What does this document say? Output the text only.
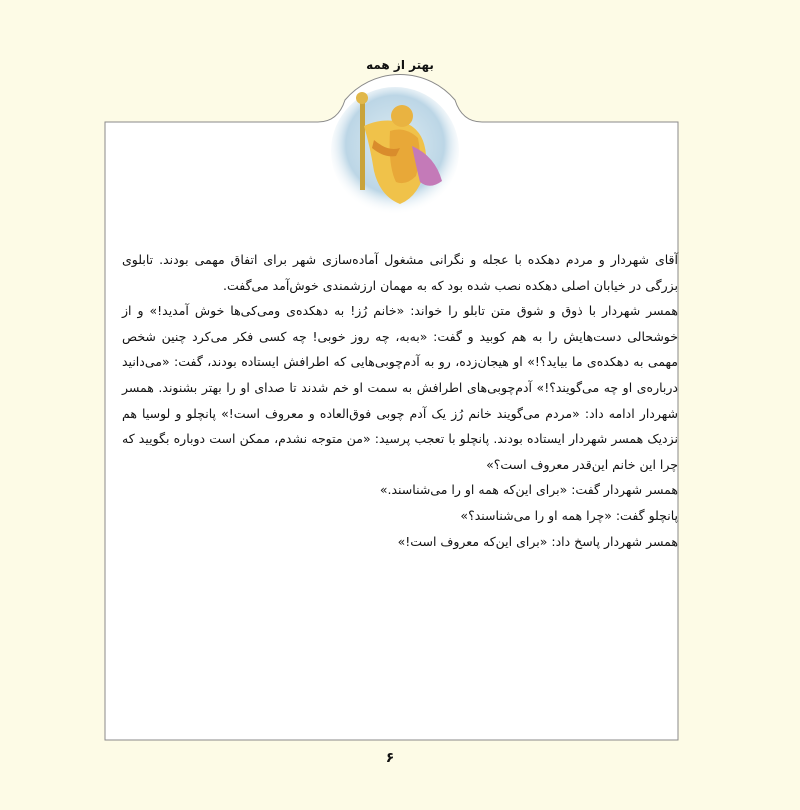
بهتر از همه

آقای شهردار و مردم دهکده با عجله و نگرانی مشغول آماده‌سازی شهر برای اتفاق مهمی بودند. تابلوی بزرگی در خیابان اصلی دهکده نصب شده بود که به مهمان ارزشمندی خوش‌آمد می‌گفت.

همسر شهردار با ذوق و شوق متن تابلو را خواند: «خانم رُز! به دهکده‌ی ومی‌کی‌ها خوش آمدید!» و از خوشحالی دست‌هایش را به هم کوبید و گفت: «به‌به، چه روز خوبی! چه کسی فکر می‌کرد چنین شخص مهمی به دهکده‌ی ما بیاید؟!» او هیجان‌زده، رو به آدم‌چوبی‌هایی که اطرافش ایستاده بودند، گفت: «می‌دانید درباره‌ی او چه می‌گویند؟!» آدم‌چوبی‌های اطرافش به سمت او خم شدند تا صدای او را بهتر بشنوند. همسر شهردار ادامه داد: «مردم می‌گویند خانم رُز یک آدم چوبی فوق‌العاده و معروف است!» پانچلو و لوسیا هم نزدیک همسر شهردار ایستاده بودند. پانچلو با تعجب پرسید: «من متوجه نشدم، ممکن است دوباره بگویید که چرا این خانم این‌قدر معروف است؟»

همسر شهردار گفت: «برای این‌که همه او را می‌شناسند.»

پانچلو گفت: «چرا همه او را می‌شناسند؟»

همسر شهردار پاسخ داد: «برای این‌که معروف است!»

۶
